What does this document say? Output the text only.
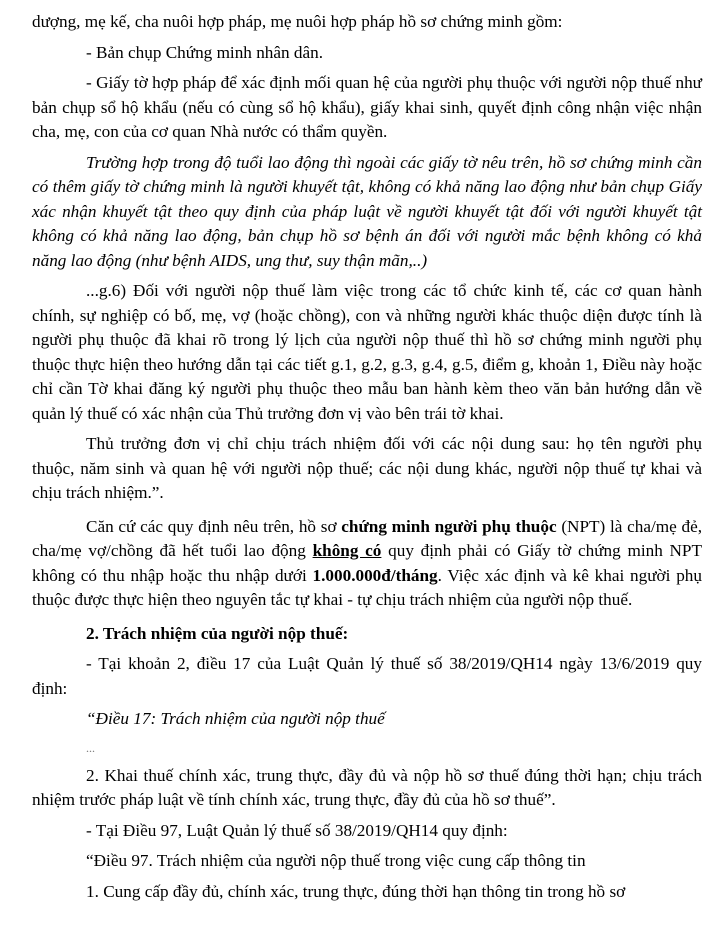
dượng, mẹ kế, cha nuôi hợp pháp, mẹ nuôi hợp pháp hồ sơ chứng minh gồm:

- Bản chụp Chứng minh nhân dân.

- Giấy tờ hợp pháp để xác định mối quan hệ của người phụ thuộc với người nộp thuế như bản chụp sổ hộ khẩu (nếu có cùng sổ hộ khẩu), giấy khai sinh, quyết định công nhận việc nhận cha, mẹ, con của cơ quan Nhà nước có thẩm quyền.

Trường hợp trong độ tuổi lao động thì ngoài các giấy tờ nêu trên, hồ sơ chứng minh cần có thêm giấy tờ chứng minh là người khuyết tật, không có khả năng lao động như bản chụp Giấy xác nhận khuyết tật theo quy định của pháp luật về người khuyết tật đối với người khuyết tật không có khả năng lao động, bản chụp hồ sơ bệnh án đối với người mắc bệnh không có khả năng lao động (như bệnh AIDS, ung thư, suy thận mãn,..)

...g.6) Đối với người nộp thuế làm việc trong các tổ chức kinh tế, các cơ quan hành chính, sự nghiệp có bố, mẹ, vợ (hoặc chồng), con và những người khác thuộc diện được tính là người phụ thuộc đã khai rõ trong lý lịch của người nộp thuế thì hồ sơ chứng minh người phụ thuộc thực hiện theo hướng dẫn tại các tiết g.1, g.2, g.3, g.4, g.5, điểm g, khoản 1, Điều này hoặc chỉ cần Tờ khai đăng ký người phụ thuộc theo mẫu ban hành kèm theo văn bản hướng dẫn về quản lý thuế có xác nhận của Thủ trưởng đơn vị vào bên trái tờ khai.

Thủ trưởng đơn vị chỉ chịu trách nhiệm đối với các nội dung sau: họ tên người phụ thuộc, năm sinh và quan hệ với người nộp thuế; các nội dung khác, người nộp thuế tự khai và chịu trách nhiệm.”.

Căn cứ các quy định nêu trên, hồ sơ chứng minh người phụ thuộc (NPT) là cha/mẹ đẻ, cha/mẹ vợ/chồng đã hết tuổi lao động không có quy định phải có Giấy tờ chứng minh NPT không có thu nhập hoặc thu nhập dưới 1.000.000đ/tháng. Việc xác định và kê khai người phụ thuộc được thực hiện theo nguyên tắc tự khai - tự chịu trách nhiệm của người nộp thuế.

2. Trách nhiệm của người nộp thuế:

- Tại khoản 2, điều 17 của Luật Quản lý thuế số 38/2019/QH14 ngày 13/6/2019 quy định:

“Điều 17: Trách nhiệm của người nộp thuế

...

2. Khai thuế chính xác, trung thực, đầy đủ và nộp hồ sơ thuế đúng thời hạn; chịu trách nhiệm trước pháp luật về tính chính xác, trung thực, đầy đủ của hồ sơ thuế”.

- Tại Điều 97, Luật Quản lý thuế số 38/2019/QH14 quy định:

“Điều 97. Trách nhiệm của người nộp thuế trong việc cung cấp thông tin

1. Cung cấp đầy đủ, chính xác, trung thực, đúng thời hạn thông tin trong hồ sơ
